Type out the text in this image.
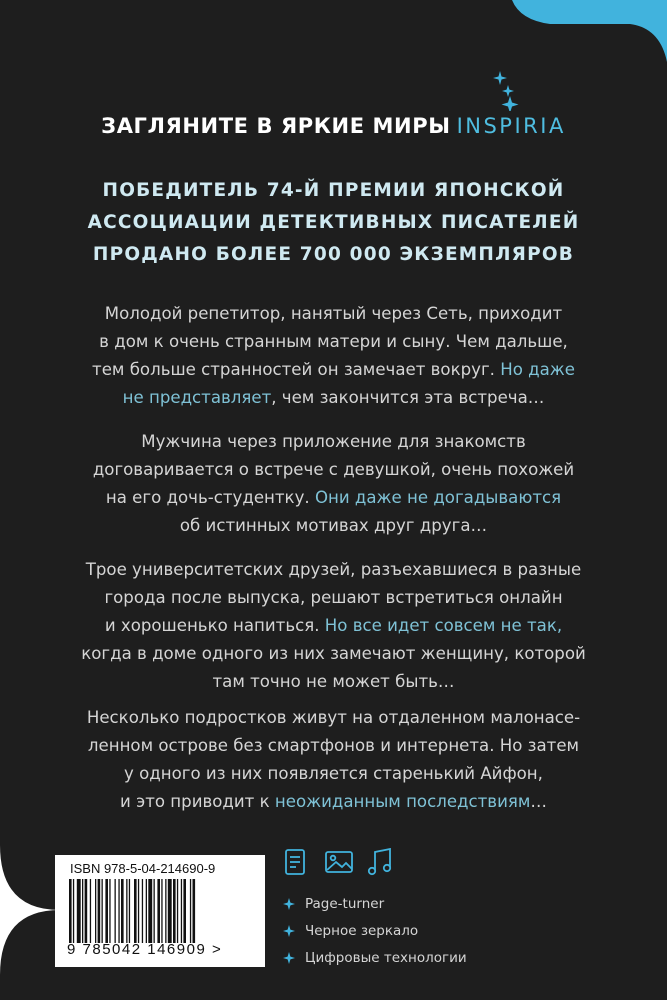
ЗАГЛЯНИТЕ В ЯРКИЕ МИРЫ INSPIRIA
ПОБЕДИТЕЛЬ 74-Й ПРЕМИИ ЯПОНСКОЙ
АССОЦИАЦИИ ДЕТЕКТИВНЫХ ПИСАТЕЛЕЙ
ПРОДАНО БОЛЕЕ 700 000 ЭКЗЕМПЛЯРОВ
Молодой репетитор, нанятый через Сеть, приходит
в дом к очень странным матери и сыну. Чем дальше,
тем больше странностей он замечает вокруг. Но даже
не представляет, чем закончится эта встреча…
Мужчина через приложение для знакомств
договаривается о встрече с девушкой, очень похожей
на его дочь-студентку. Они даже не догадываются
об истинных мотивах друг друга…
Трое университетских друзей, разъехавшиеся в разные
города после выпуска, решают встретиться онлайн
и хорошенько напиться. Но все идет совсем не так,
когда в доме одного из них замечают женщину, которой
там точно не может быть…
Несколько подростков живут на отдаленном малонасе-
ленном острове без смартфонов и интернета. Но затем
у одного из них появляется старенький Айфон,
и это приводит к неожиданным последствиям…
ISBN 978-5-04-214690-9
9 785042 146909 >
Page-turner
Черное зеркало
Цифровые технологии
